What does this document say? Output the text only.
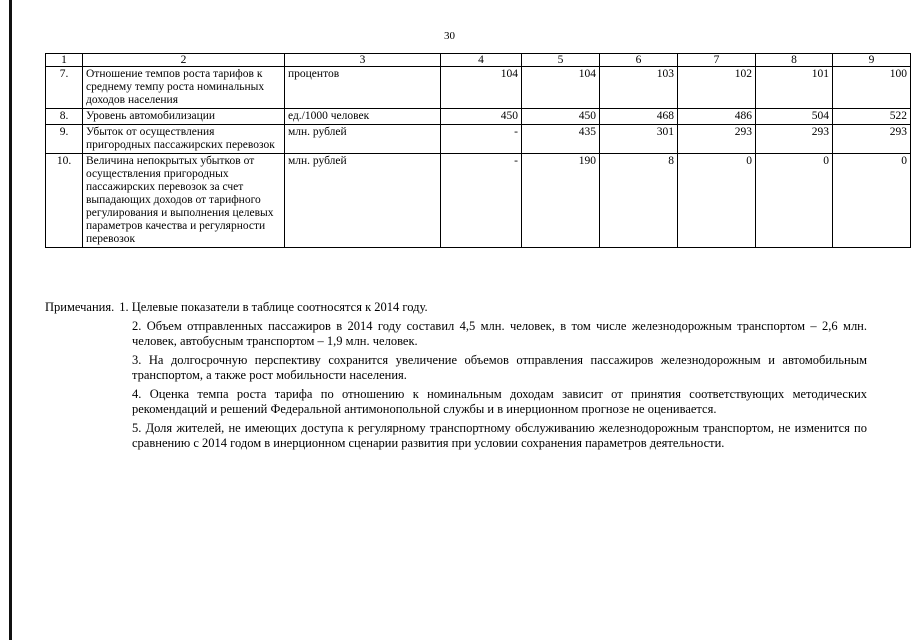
30
1	2	3	4	5	6	7	8	9
7.	Отношение темпов роста тарифов к среднему темпу роста номинальных доходов населения	процентов	104	104	103	102	101	100
8.	Уровень автомобилизации	ед./1000 человек	450	450	468	486	504	522
9.	Убыток от осуществления пригородных пассажирских перевозок	млн. рублей	-	435	301	293	293	293
10.	Величина непокрытых убытков от осуществления пригородных пассажирских перевозок за счет выпадающих доходов от тарифного регулирования и выполнения целевых параметров качества и регулярности перевозок	млн. рублей	-	190	8	0	0	0
Примечания. 1. Целевые показатели в таблице соотносятся к 2014 году.
2. Объем отправленных пассажиров в 2014 году составил 4,5 млн. человек, в том числе железнодорожным транспортом – 2,6 млн. человек, автобусным транспортом – 1,9 млн. человек.
3. На долгосрочную перспективу сохранится увеличение объемов отправления пассажиров железнодорожным и автомобильным транспортом, а также рост мобильности населения.
4. Оценка темпа роста тарифа по отношению к номинальным доходам зависит от принятия соответствующих методических рекомендаций и решений Федеральной антимонопольной службы и в инерционном прогнозе не оценивается.
5. Доля жителей, не имеющих доступа к регулярному транспортному обслуживанию железнодорожным транспортом, не изменится по сравнению с 2014 годом в инерционном сценарии развития при условии сохранения параметров деятельности.
